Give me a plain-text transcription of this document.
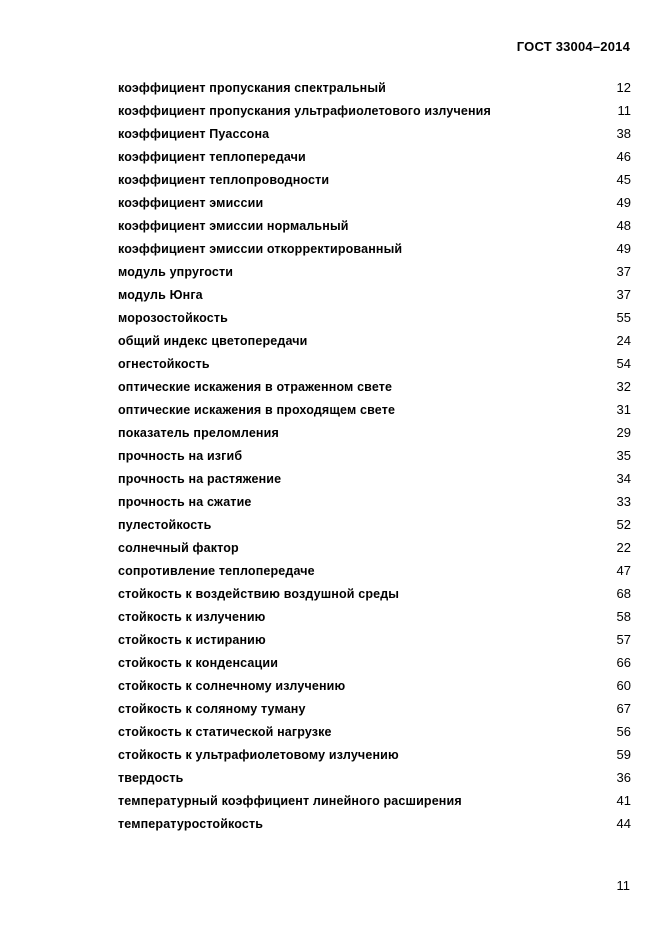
ГОСТ 33004–2014
коэффициент пропускания спектральный	12
коэффициент пропускания ультрафиолетового излучения	11
коэффициент Пуассона	38
коэффициент теплопередачи	46
коэффициент теплопроводности	45
коэффициент эмиссии	49
коэффициент эмиссии нормальный	48
коэффициент эмиссии откорректированный	49
модуль упругости	37
модуль Юнга	37
морозостойкость	55
общий индекс цветопередачи	24
огнестойкость	54
оптические искажения в отраженном свете	32
оптические искажения в проходящем свете	31
показатель преломления	29
прочность на изгиб	35
прочность на растяжение	34
прочность на сжатие	33
пулестойкость	52
солнечный фактор	22
сопротивление теплопередаче	47
стойкость к воздействию воздушной среды	68
стойкость к излучению	58
стойкость к истиранию	57
стойкость к конденсации	66
стойкость к солнечному излучению	60
стойкость к соляному туману	67
стойкость к статической нагрузке	56
стойкость к ультрафиолетовому излучению	59
твердость	36
температурный коэффициент линейного расширения	41
температуростойкость	44
11
